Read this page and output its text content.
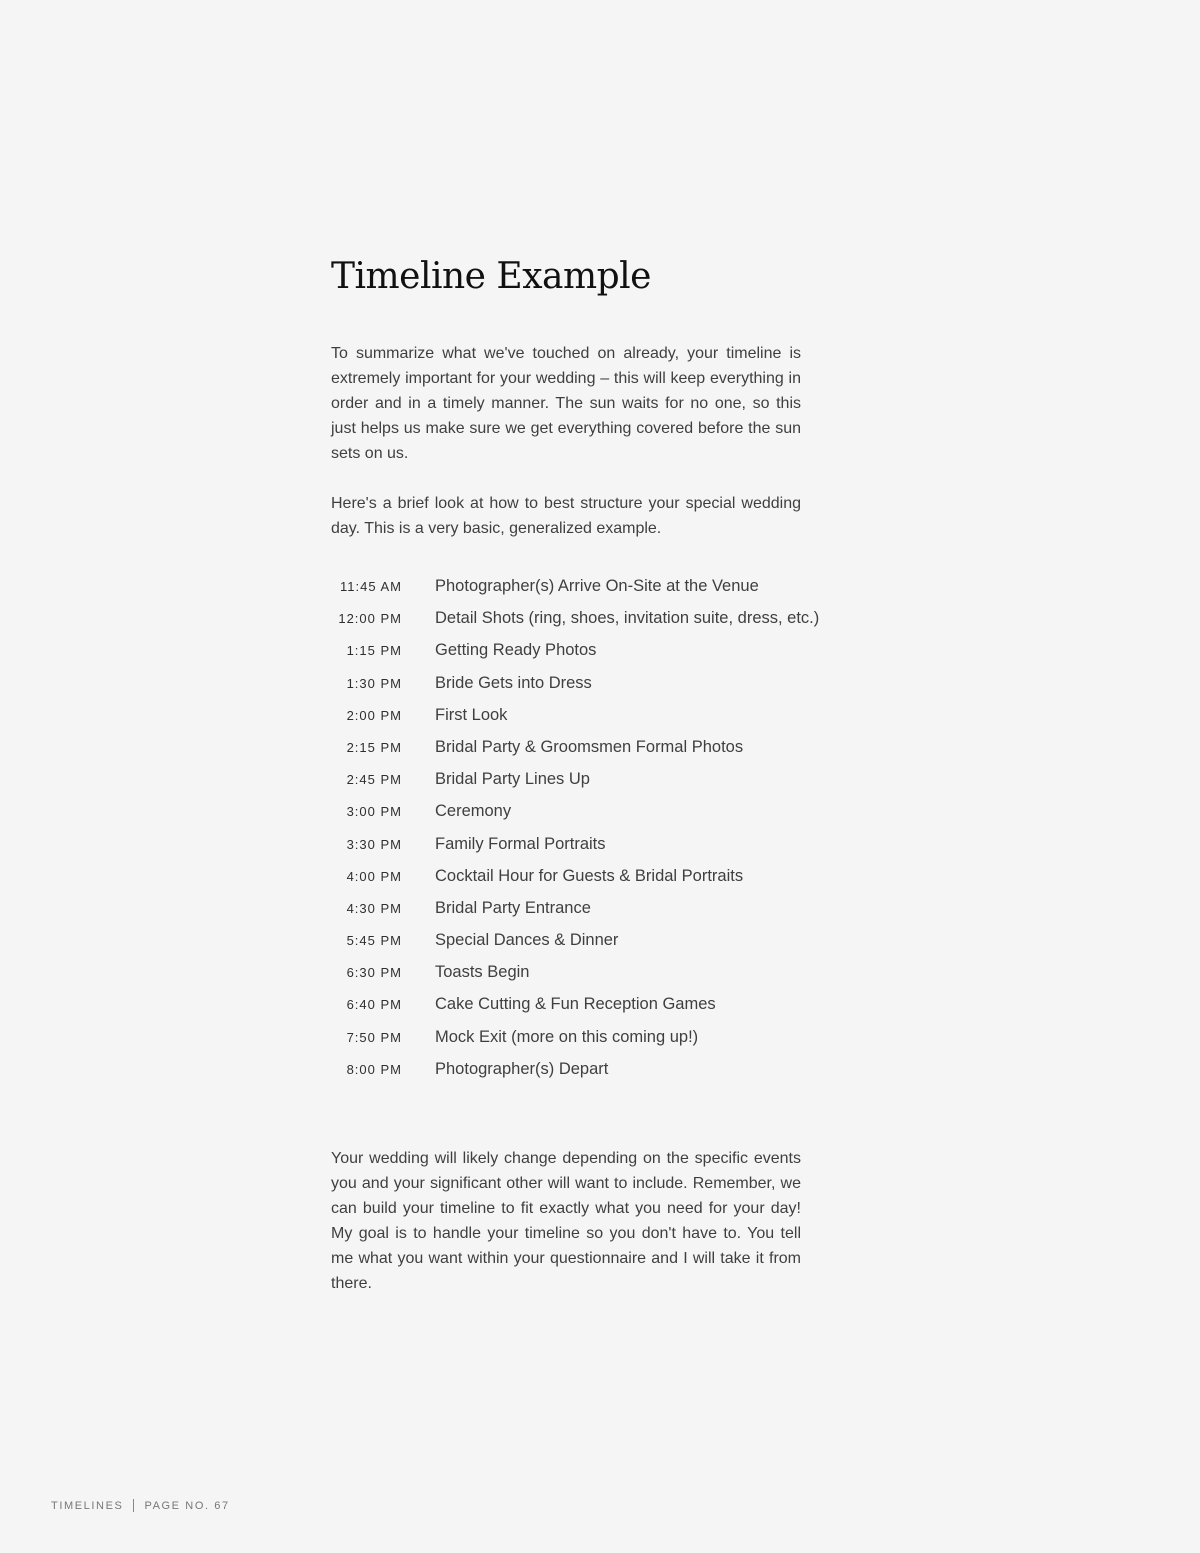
Timeline Example

To summarize what we've touched on already, your timeline is extremely important for your wedding – this will keep everything in order and in a timely manner. The sun waits for no one, so this just helps us make sure we get everything covered before the sun sets on us.

Here's a brief look at how to best structure your special wedding day. This is a very basic, generalized example.

11:45 AM Photographer(s) Arrive On-Site at the Venue
12:00 PM Detail Shots (ring, shoes, invitation suite, dress, etc.)
1:15 PM Getting Ready Photos
1:30 PM Bride Gets into Dress
2:00 PM First Look
2:15 PM Bridal Party & Groomsmen Formal Photos
2:45 PM Bridal Party Lines Up
3:00 PM Ceremony
3:30 PM Family Formal Portraits
4:00 PM Cocktail Hour for Guests & Bridal Portraits
4:30 PM Bridal Party Entrance
5:45 PM Special Dances & Dinner
6:30 PM Toasts Begin
6:40 PM Cake Cutting & Fun Reception Games
7:50 PM Mock Exit (more on this coming up!)
8:00 PM Photographer(s) Depart

Your wedding will likely change depending on the specific events you and your significant other will want to include. Remember, we can build your timeline to fit exactly what you need for your day! My goal is to handle your timeline so you don't have to. You tell me what you want within your questionnaire and I will take it from there.

TIMELINES PAGE NO. 67
